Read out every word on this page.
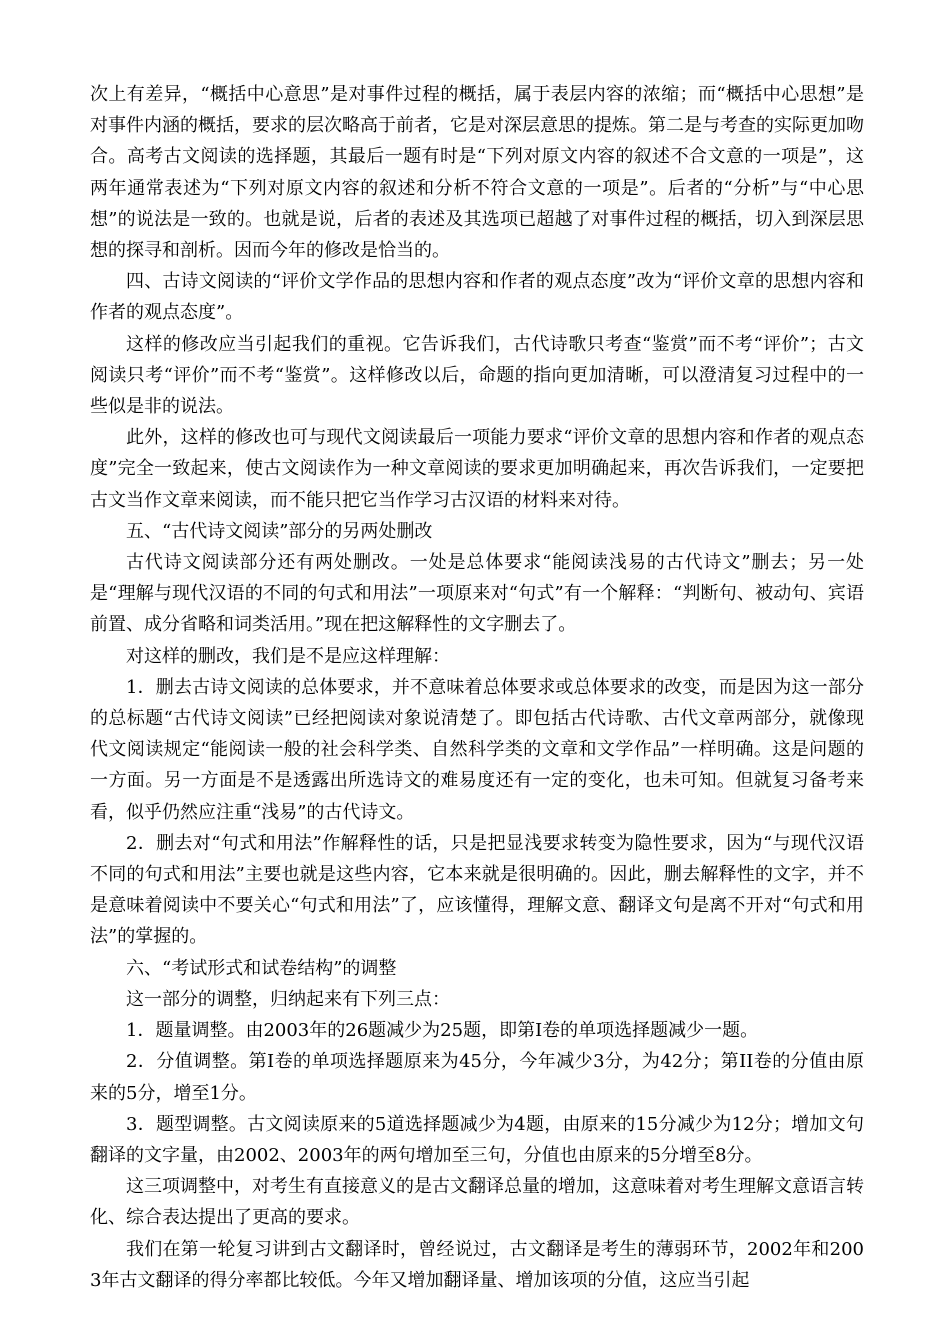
次上有差异，“概括中心意思”是对事件过程的概括，属于表层内容的浓缩；而“概括中心思想”是对事件内涵的概括，要求的层次略高于前者，它是对深层意思的提炼。第二是与考查的实际更加吻合。高考古文阅读的选择题，其最后一题有时是“下列对原文内容的叙述不合文意的一项是”，这两年通常表述为“下列对原文内容的叙述和分析不符合文意的一项是”。后者的“分析”与“中心思想”的说法是一致的。也就是说，后者的表述及其选项已超越了对事件过程的概括，切入到深层思想的探寻和剖析。因而今年的修改是恰当的。

四、古诗文阅读的“评价文学作品的思想内容和作者的观点态度”改为“评价文章的思想内容和作者的观点态度”。

这样的修改应当引起我们的重视。它告诉我们，古代诗歌只考查“鉴赏”而不考“评价”；古文阅读只考“评价”而不考“鉴赏”。这样修改以后，命题的指向更加清晰，可以澄清复习过程中的一些似是非的说法。

此外，这样的修改也可与现代文阅读最后一项能力要求“评价文章的思想内容和作者的观点态度”完全一致起来，使古文阅读作为一种文章阅读的要求更加明确起来，再次告诉我们，一定要把古文当作文章来阅读，而不能只把它当作学习古汉语的材料来对待。

五、“古代诗文阅读”部分的另两处删改

古代诗文阅读部分还有两处删改。一处是总体要求“能阅读浅易的古代诗文”删去；另一处是“理解与现代汉语的不同的句式和用法”一项原来对“句式”有一个解释：“判断句、被动句、宾语前置、成分省略和词类活用。”现在把这解释性的文字删去了。

对这样的删改，我们是不是应这样理解：

1．删去古诗文阅读的总体要求，并不意味着总体要求或总体要求的改变，而是因为这一部分的总标题“古代诗文阅读”已经把阅读对象说清楚了。即包括古代诗歌、古代文章两部分，就像现代文阅读规定“能阅读一般的社会科学类、自然科学类的文章和文学作品”一样明确。这是问题的一方面。另一方面是不是透露出所选诗文的难易度还有一定的变化，也未可知。但就复习备考来看，似乎仍然应注重“浅易”的古代诗文。

2．删去对“句式和用法”作解释性的话，只是把显浅要求转变为隐性要求，因为“与现代汉语不同的句式和用法”主要也就是这些内容，它本来就是很明确的。因此，删去解释性的文字，并不是意味着阅读中不要关心“句式和用法”了，应该懂得，理解文意、翻译文句是离不开对“句式和用法”的掌握的。

六、“考试形式和试卷结构”的调整

这一部分的调整，归纳起来有下列三点：

1．题量调整。由2003年的26题减少为25题，即第I卷的单项选择题减少一题。

2．分值调整。第I卷的单项选择题原来为45分，今年减少3分，为42分；第II卷的分值由原来的5分，增至1分。

3．题型调整。古文阅读原来的5道选择题减少为4题，由原来的15分减少为12分；增加文句翻译的文字量，由2002、2003年的两句增加至三句，分值也由原来的5分增至8分。

这三项调整中，对考生有直接意义的是古文翻译总量的增加，这意味着对考生理解文意语言转化、综合表达提出了更高的要求。

我们在第一轮复习讲到古文翻译时，曾经说过，古文翻译是考生的薄弱环节，2002年和2003年古文翻译的得分率都比较低。今年又增加翻译量、增加该项的分值，这应当引起
